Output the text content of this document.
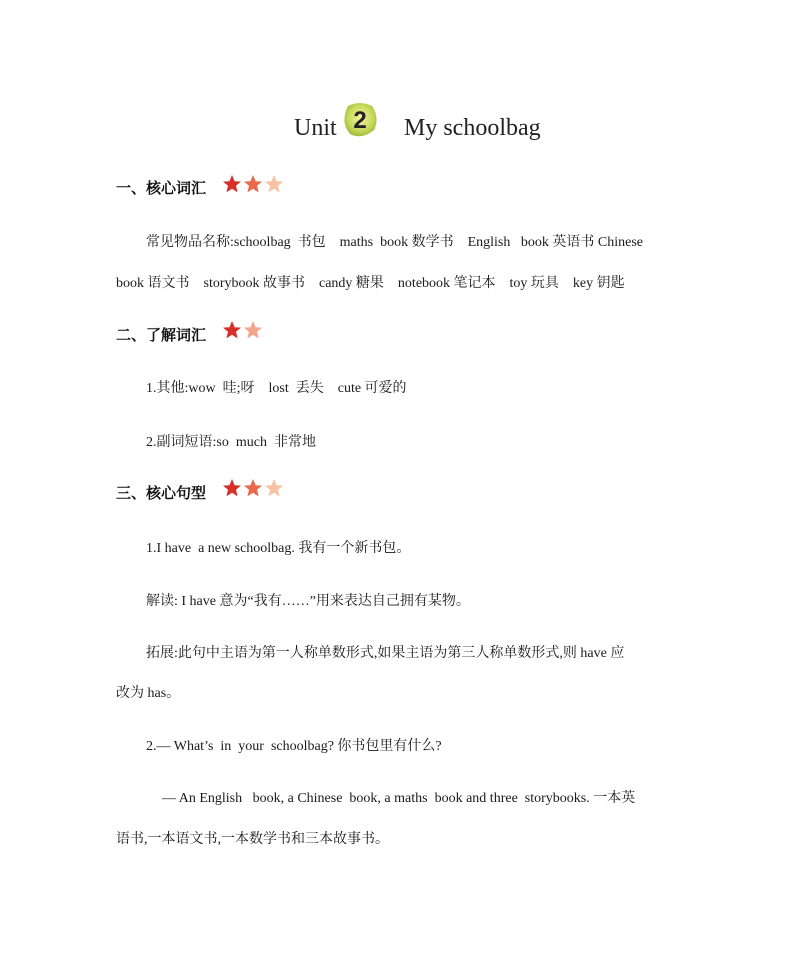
Unit 2 My schoolbag
一、核心词汇
常见物品名称:schoolbag  书包    maths  book 数学书    English   book 英语书 Chinese
book 语文书    storybook 故事书    candy 糖果    notebook 笔记本    toy 玩具    key 钥匙
二、了解词汇
1.其他:wow  哇;呀    lost  丢失    cute 可爱的
2.副词短语:so  much  非常地
三、核心句型
1.I have  a new schoolbag. 我有一个新书包。
解读: I have 意为“我有……”用来表达自己拥有某物。
拓展:此句中主语为第一人称单数形式,如果主语为第三人称单数形式,则 have 应
改为 has。
2.— What’s  in  your  schoolbag? 你书包里有什么?
— An English   book, a Chinese  book, a maths  book and three  storybooks. 一本英
语书,一本语文书,一本数学书和三本故事书。
